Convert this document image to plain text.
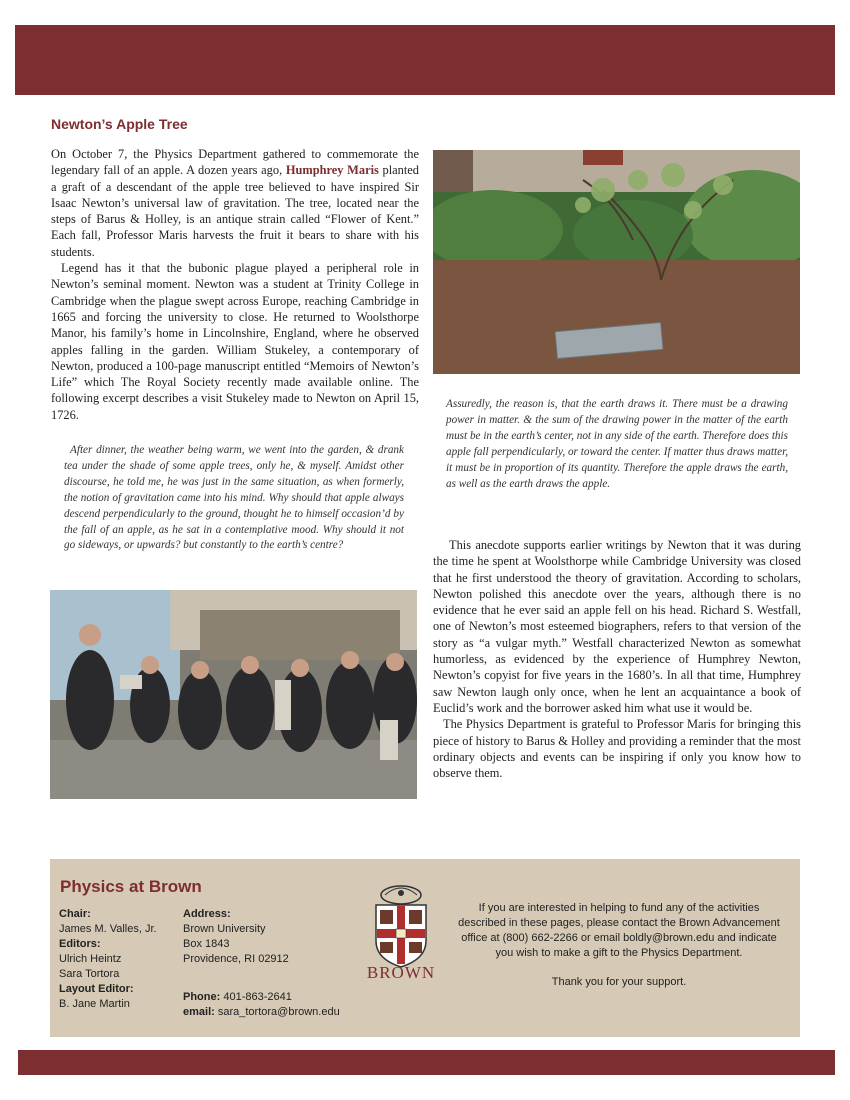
Newton’s Apple Tree

On October 7, the Physics Department gathered to commemorate the legendary fall of an apple. A dozen years ago, Humphrey Maris planted a graft of a descendant of the apple tree believed to have inspired Sir Isaac Newton’s universal law of gravitation. The tree, located near the steps of Barus & Holley, is an antique strain called “Flower of Kent.” Each fall, Professor Maris harvests the fruit it bears to share with his students.

Legend has it that the bubonic plague played a peripheral role in Newton’s seminal moment. Newton was a student at Trinity College in Cambridge when the plague swept across Europe, reaching Cambridge in 1665 and forcing the university to close. He returned to Woolsthorpe Manor, his family’s home in Lincolnshire, England, where he observed apples falling in the garden. William Stukeley, a contemporary of Newton, produced a 100-page manuscript entitled “Memoirs of Newton’s Life” which The Royal Society recently made available online. The following excerpt describes a visit Stukeley made to Newton on April 15, 1726.

After dinner, the weather being warm, we went into the garden, & drank tea under the shade of some apple trees, only he, & myself. Amidst other discourse, he told me, he was just in the same situation, as when formerly, the notion of gravitation came into his mind. Why should that apple always descend perpendicularly to the ground, thought he to himself occasion’d by the fall of an apple, as he sat in a contemplative mood. Why should it not go sideways, or upwards? but constantly to the earth’s centre?
Assuredly, the reason is, that the earth draws it. There must be a drawing power in matter. & the sum of the drawing power in the matter of the earth must be in the earth’s center, not in any side of the earth. Therefore does this apple fall perpendicularly, or toward the center. If matter thus draws matter, it must be in proportion of its quantity. Therefore the apple draws the earth, as well as the earth draws the apple.

This anecdote supports earlier writings by Newton that it was during the time he spent at Woolsthorpe while Cambridge University was closed that he first understood the theory of gravitation. According to scholars, Newton polished this anecdote over the years, although there is no evidence that he ever said an apple fell on his head. Richard S. Westfall, one of Newton’s most esteemed biographers, refers to that version of the story as “a vulgar myth.” Westfall characterized Newton as somewhat humorless, as evidenced by the experience of Humphrey Newton, Newton’s copyist for five years in the 1680’s. In all that time, Humphrey saw Newton laugh only once, when he lent an acquaintance a book of Euclid’s work and the borrower asked him what use it would be.

The Physics Department is grateful to Professor Maris for bringing this piece of history to Barus & Holley and providing a reminder that the most ordinary objects and events can be inspiring if only you know how to observe them.

Physics at Brown
Chair:
James M. Valles, Jr.
Editors:
Ulrich Heintz
Sara Tortora
Layout Editor:
B. Jane Martin
Address:
Brown University
Box 1843
Providence, RI 02912
Phone: 401-863-2641
email: sara_tortora@brown.edu
BROWN
If you are interested in helping to fund any of the activities described in these pages, please contact the Brown Advancement office at (800) 662-2266 or email boldly@brown.edu and indicate you wish to make a gift to the Physics Department.
Thank you for your support.
